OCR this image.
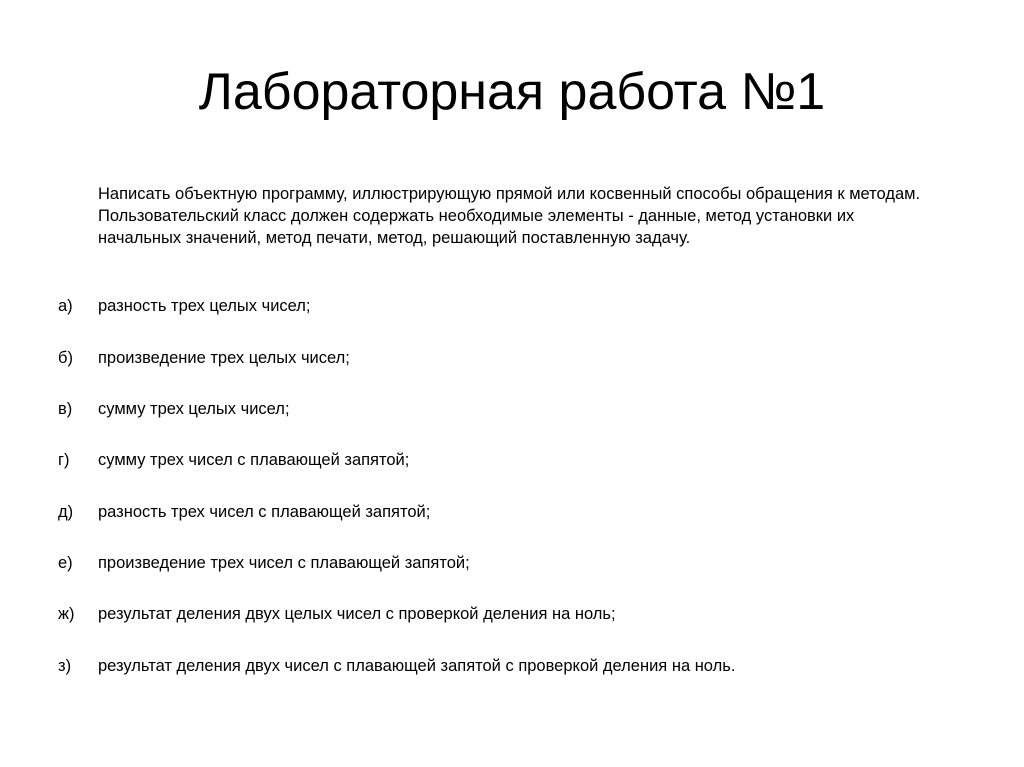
Лабораторная работа №1
Написать объектную программу, иллюстрирующую прямой или косвенный способы обращения к методам. Пользовательский класс должен содержать необходимые элементы - данные, метод установки их начальных значений, метод печати, метод, решающий поставленную задачу.
а) разность трех целых чисел;
б) произведение трех целых чисел;
в) сумму трех целых чисел;
г) сумму трех чисел с плавающей запятой;
д) разность трех чисел с плавающей запятой;
е) произведение трех чисел с плавающей запятой;
ж) результат деления двух целых чисел с проверкой деления на ноль;
з) результат деления двух чисел с плавающей запятой с проверкой деления на ноль.
